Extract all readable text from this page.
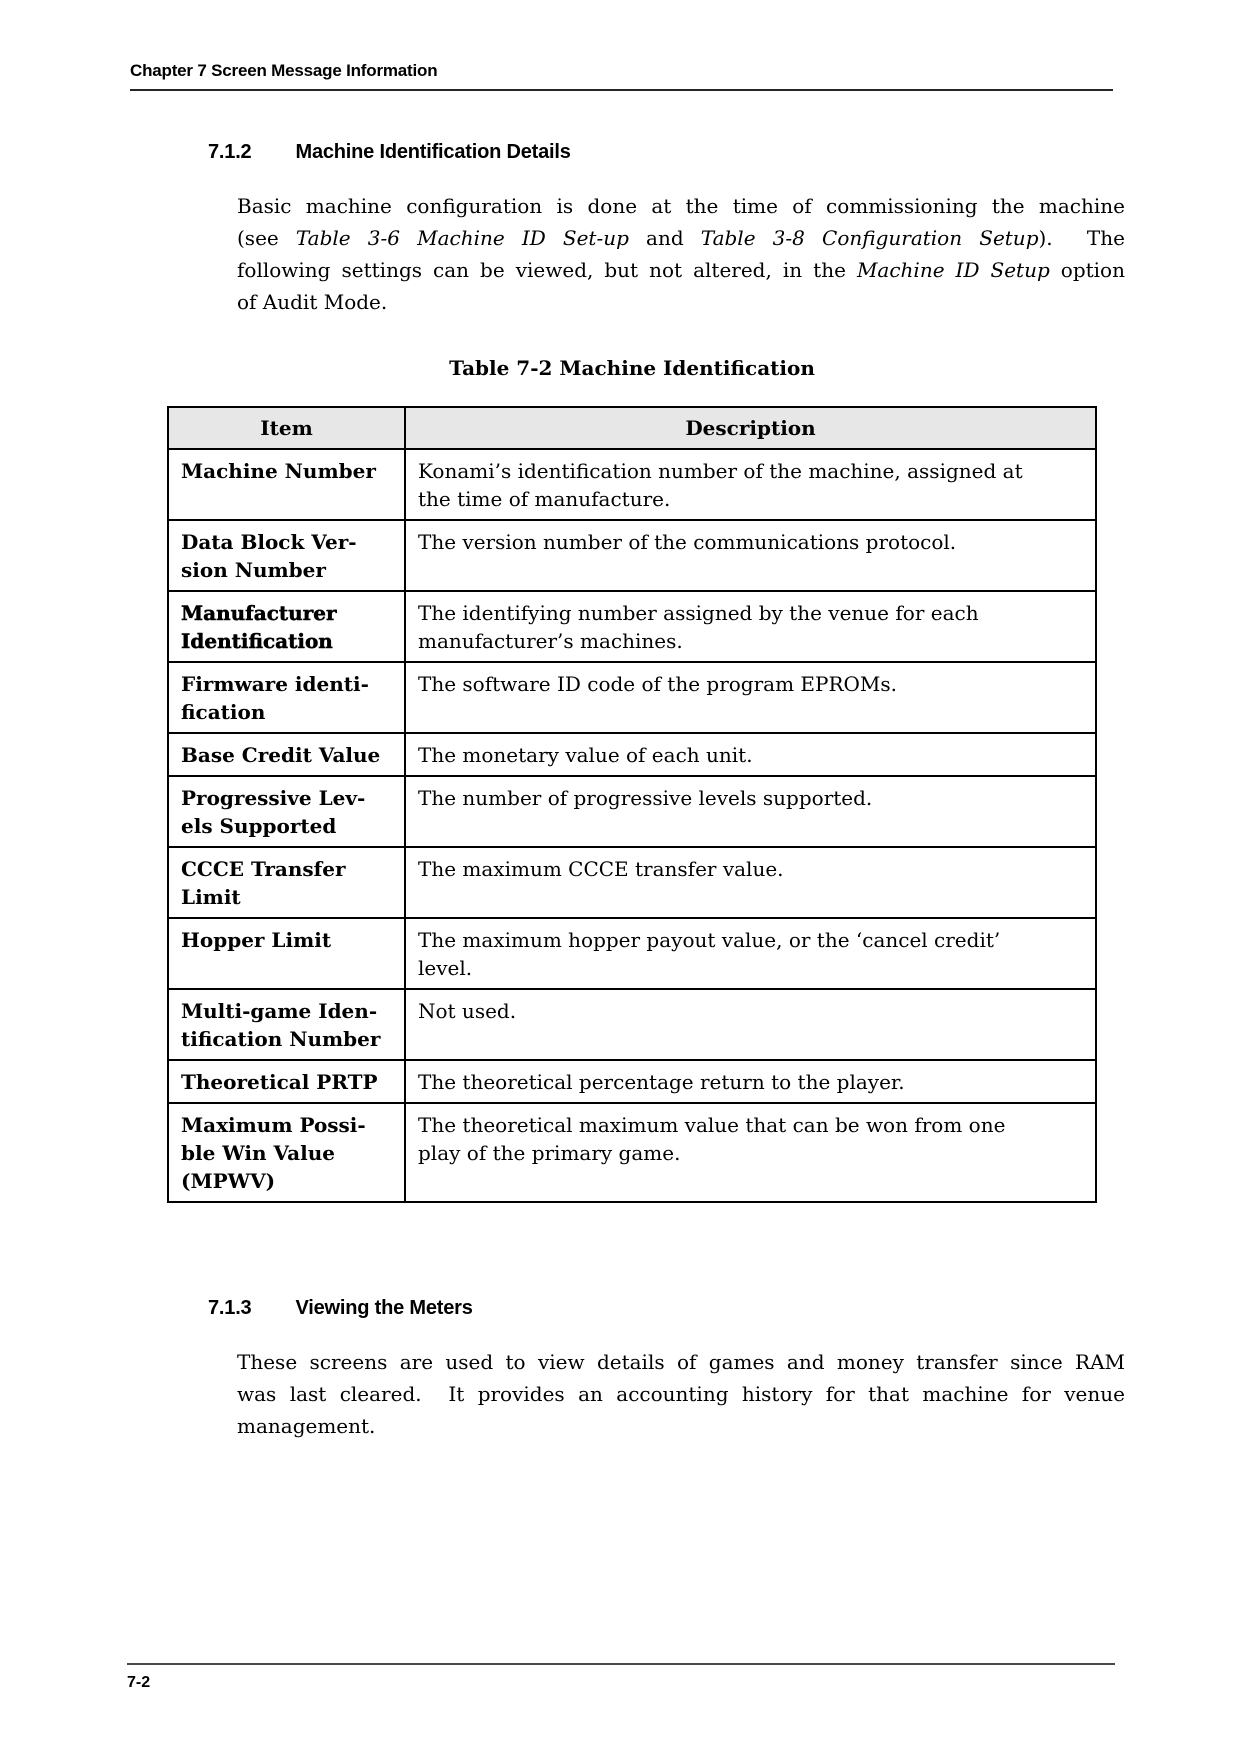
Chapter 7 Screen Message Information
7.1.2 Machine Identification Details
Basic machine configuration is done at the time of commissioning the machine
(see Table 3-6 Machine ID Set-up and Table 3-8 Configuration Setup).  The
following settings can be viewed, but not altered, in the Machine ID Setup option
of Audit Mode.
Table 7-2 Machine Identification
Item	Description
Machine Number	Konami’s identification number of the machine, assigned at
the time of manufacture.
Data Block Ver-
sion Number	The version number of the communications protocol.
Manufacturer
Identification	The identifying number assigned by the venue for each
manufacturer’s machines.
Firmware identi-
fication	The software ID code of the program EPROMs.
Base Credit Value	The monetary value of each unit.
Progressive Lev-
els Supported	The number of progressive levels supported.
CCCE Transfer
Limit	The maximum CCCE transfer value.
Hopper Limit	The maximum hopper payout value, or the ‘cancel credit’
level.
Multi-game Iden-
tification Number	Not used.
Theoretical PRTP	The theoretical percentage return to the player.
Maximum Possi-
ble Win Value
(MPWV)	The theoretical maximum value that can be won from one
play of the primary game.
7.1.3 Viewing the Meters
These screens are used to view details of games and money transfer since RAM
was last cleared.  It provides an accounting history for that machine for venue
management.
7-2
